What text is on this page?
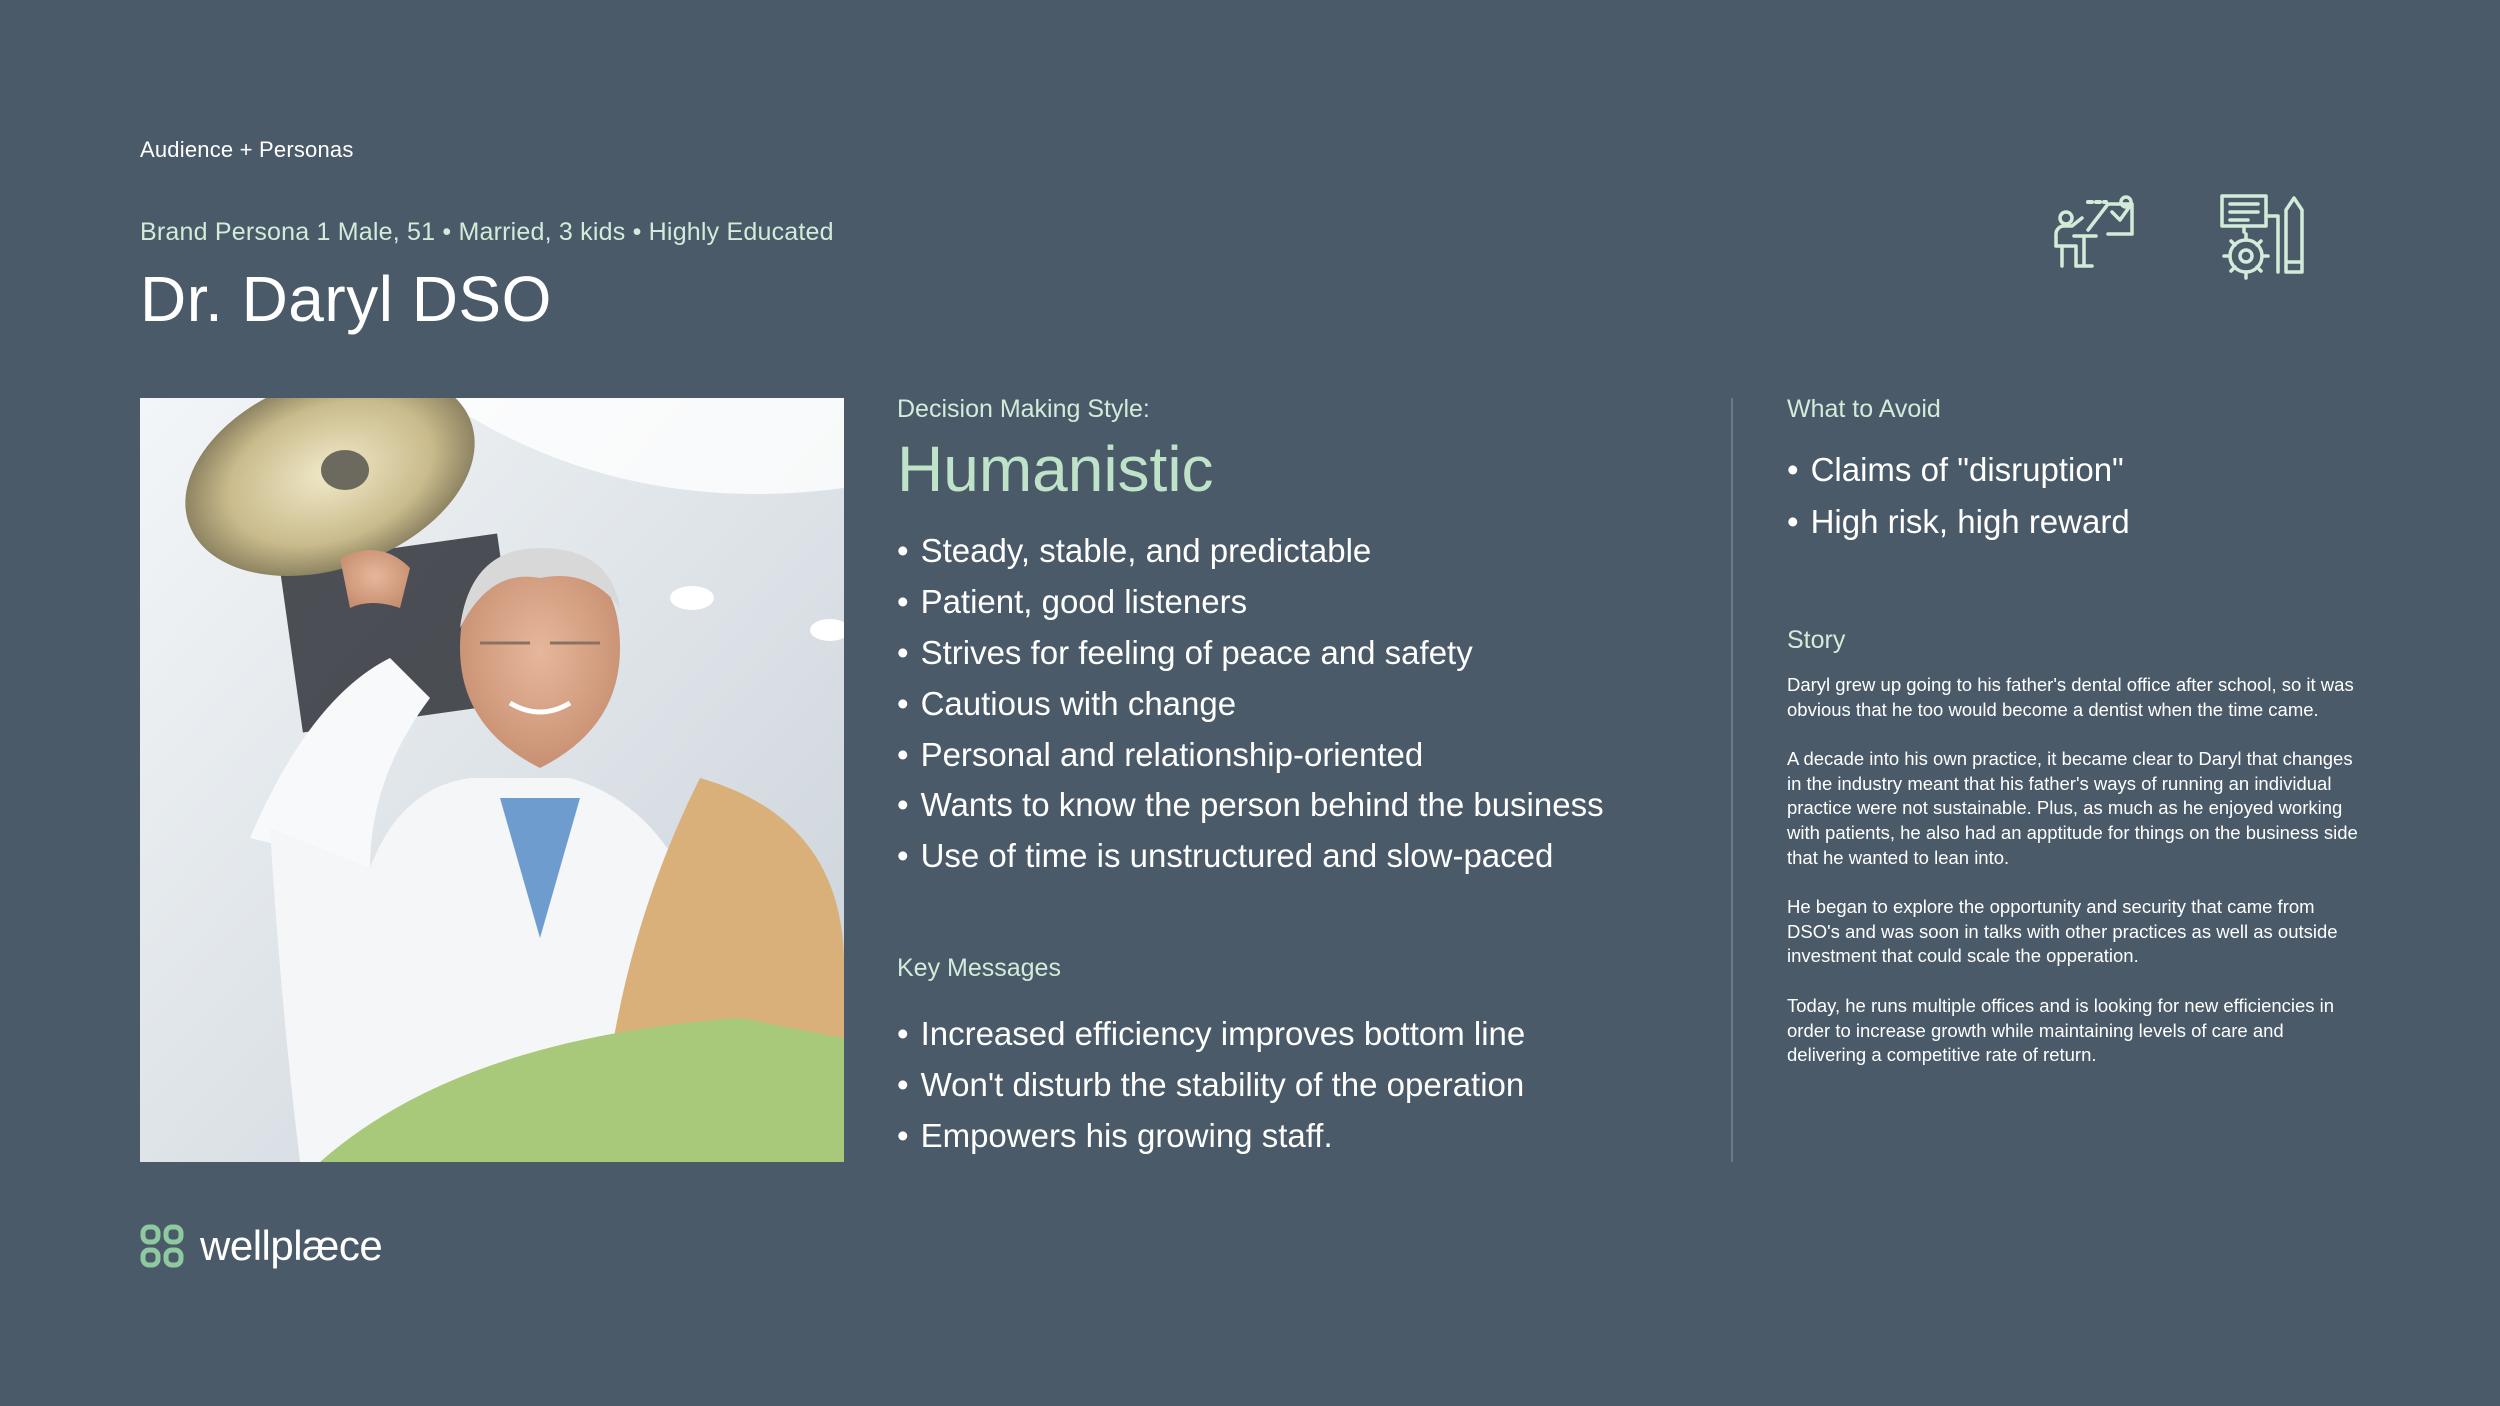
Audience + Personas
Brand Persona 1 Male, 51 • Married, 3 kids • Highly Educated
Dr. Daryl DSO

Decision Making Style:

Humanistic
• Steady, stable, and predictable
• Patient, good listeners
• Strives for feeling of peace and safety
• Cautious with change
• Personal and relationship-oriented
• Wants to know the person behind the business
• Use of time is unstructured and slow-paced

Key Messages

• Increased efficiency improves bottom line
• Won't disturb the stability of the operation
• Empowers his growing staff.

What to Avoid

• Claims of "disruption"
• High risk, high reward

Story

Daryl grew up going to his father's dental office after school, so it was obvious that he too would become a dentist when the time came.

A decade into his own practice, it became clear to Daryl that changes in the industry meant that his father's ways of running an individual practice were not sustainable. Plus, as much as he enjoyed working with patients, he also had an apptitude for things on the business side that he wanted to lean into.

He began to explore the opportunity and security that came from DSO's and was soon in talks with other practices as well as outside investment that could scale the opperation.

Today, he runs multiple offices and is looking for new efficiencies in order to increase growth while maintaining levels of care and delivering a competitive rate of return.

wellplæce
